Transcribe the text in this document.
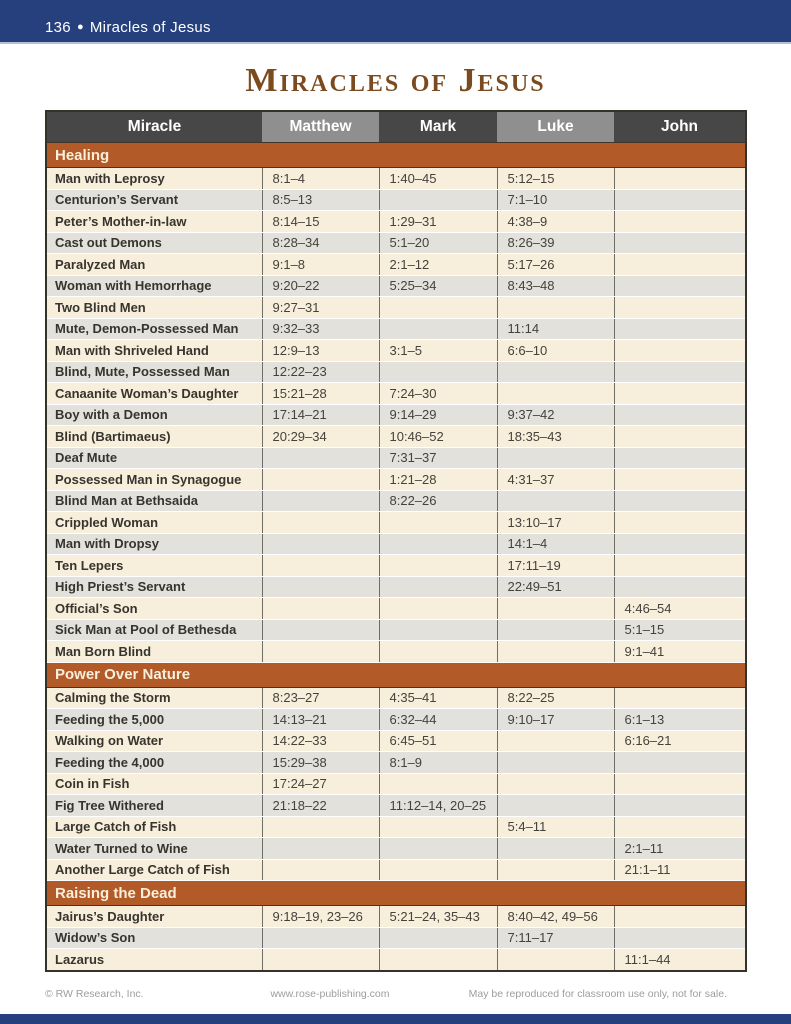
136 ● Miracles of Jesus
Miracles of Jesus
Miracle	Matthew	Mark	Luke	John
Healing				
Man with Leprosy	8:1–4	1:40–45	5:12–15	
Centurion’s Servant	8:5–13		7:1–10	
Peter’s Mother-in-law	8:14–15	1:29–31	4:38–9	
Cast out Demons	8:28–34	5:1–20	8:26–39	
Paralyzed Man	9:1–8	2:1–12	5:17–26	
Woman with Hemorrhage	9:20–22	5:25–34	8:43–48	
Two Blind Men	9:27–31			
Mute, Demon-Possessed Man	9:32–33		11:14	
Man with Shriveled Hand	12:9–13	3:1–5	6:6–10	
Blind, Mute, Possessed Man	12:22–23			
Canaanite Woman’s Daughter	15:21–28	7:24–30		
Boy with a Demon	17:14–21	9:14–29	9:37–42	
Blind (Bartimaeus)	20:29–34	10:46–52	18:35–43	
Deaf Mute		7:31–37		
Possessed Man in Synagogue		1:21–28	4:31–37	
Blind Man at Bethsaida		8:22–26		
Crippled Woman			13:10–17	
Man with Dropsy			14:1–4	
Ten Lepers			17:11–19	
High Priest’s Servant			22:49–51	
Official’s Son				4:46–54
Sick Man at Pool of Bethesda				5:1–15
Man Born Blind				9:1–41
Power Over Nature				
Calming the Storm	8:23–27	4:35–41	8:22–25	
Feeding the 5,000	14:13–21	6:32–44	9:10–17	6:1–13
Walking on Water	14:22–33	6:45–51		6:16–21
Feeding the 4,000	15:29–38	8:1–9		
Coin in Fish	17:24–27			
Fig Tree Withered	21:18–22	11:12–14, 20–25		
Large Catch of Fish			5:4–11	
Water Turned to Wine				2:1–11
Another Large Catch of Fish				21:1–11
Raising the Dead				
Jairus’s Daughter	9:18–19, 23–26	5:21–24, 35–43	8:40–42, 49–56	
Widow’s Son			7:11–17	
Lazarus				11:1–44
© RW Research, Inc.	www.rose-publishing.com	May be reproduced for classroom use only, not for sale.
